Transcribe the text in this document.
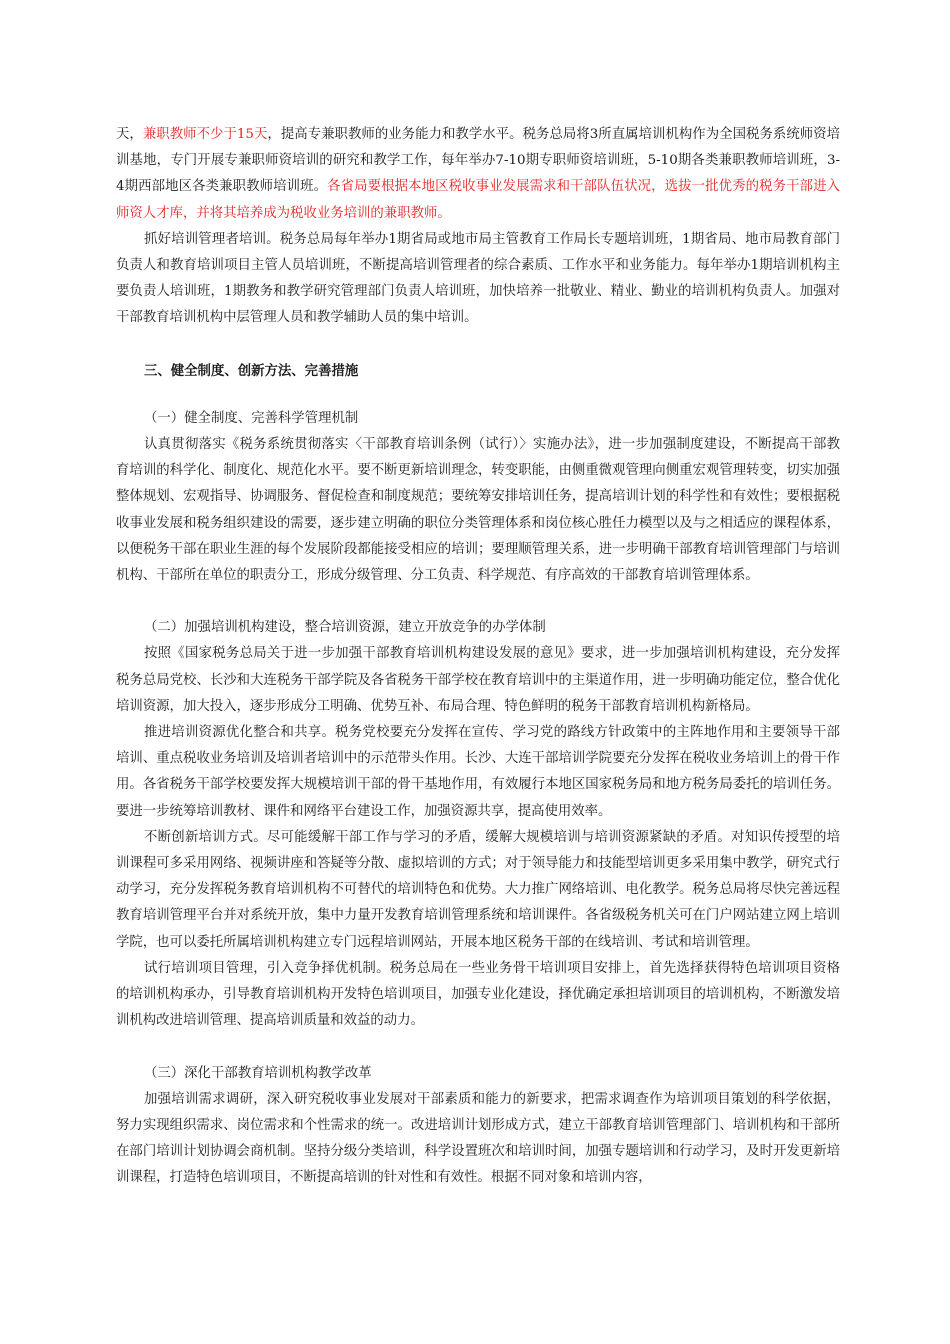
天，兼职教师不少于15天，提高专兼职教师的业务能力和教学水平。税务总局将3所直属培训机构作为全国税务系统师资培训基地，专门开展专兼职师资培训的研究和教学工作，每年举办7-10期专职师资培训班，5-10期各类兼职教师培训班，3-4期西部地区各类兼职教师培训班。各省局要根据本地区税收事业发展需求和干部队伍状况，选拔一批优秀的税务干部进入师资人才库，并将其培养成为税收业务培训的兼职教师。

抓好培训管理者培训。税务总局每年举办1期省局或地市局主管教育工作局长专题培训班，1期省局、地市局教育部门负责人和教育培训项目主管人员培训班，不断提高培训管理者的综合素质、工作水平和业务能力。每年举办1期培训机构主要负责人培训班，1期教务和教学研究管理部门负责人培训班，加快培养一批敬业、精业、勤业的培训机构负责人。加强对干部教育培训机构中层管理人员和教学辅助人员的集中培训。

三、健全制度、创新方法、完善措施

（一）健全制度、完善科学管理机制

认真贯彻落实《税务系统贯彻落实〈干部教育培训条例（试行）〉实施办法》，进一步加强制度建设，不断提高干部教育培训的科学化、制度化、规范化水平。要不断更新培训理念，转变职能，由侧重微观管理向侧重宏观管理转变，切实加强整体规划、宏观指导、协调服务、督促检查和制度规范；要统筹安排培训任务，提高培训计划的科学性和有效性；要根据税收事业发展和税务组织建设的需要，逐步建立明确的职位分类管理体系和岗位核心胜任力模型以及与之相适应的课程体系，以便税务干部在职业生涯的每个发展阶段都能接受相应的培训；要理顺管理关系，进一步明确干部教育培训管理部门与培训机构、干部所在单位的职责分工，形成分级管理、分工负责、科学规范、有序高效的干部教育培训管理体系。

（二）加强培训机构建设，整合培训资源，建立开放竞争的办学体制

按照《国家税务总局关于进一步加强干部教育培训机构建设发展的意见》要求，进一步加强培训机构建设，充分发挥税务总局党校、长沙和大连税务干部学院及各省税务干部学校在教育培训中的主渠道作用，进一步明确功能定位，整合优化培训资源，加大投入，逐步形成分工明确、优势互补、布局合理、特色鲜明的税务干部教育培训机构新格局。

推进培训资源优化整合和共享。税务党校要充分发挥在宣传、学习党的路线方针政策中的主阵地作用和主要领导干部培训、重点税收业务培训及培训者培训中的示范带头作用。长沙、大连干部培训学院要充分发挥在税收业务培训上的骨干作用。各省税务干部学校要发挥大规模培训干部的骨干基地作用，有效履行本地区国家税务局和地方税务局委托的培训任务。要进一步统筹培训教材、课件和网络平台建设工作，加强资源共享，提高使用效率。

不断创新培训方式。尽可能缓解干部工作与学习的矛盾，缓解大规模培训与培训资源紧缺的矛盾。对知识传授型的培训课程可多采用网络、视频讲座和答疑等分散、虚拟培训的方式；对于领导能力和技能型培训更多采用集中教学，研究式行动学习，充分发挥税务教育培训机构不可替代的培训特色和优势。大力推广网络培训、电化教学。税务总局将尽快完善远程教育培训管理平台并对系统开放，集中力量开发教育培训管理系统和培训课件。各省级税务机关可在门户网站建立网上培训学院，也可以委托所属培训机构建立专门远程培训网站，开展本地区税务干部的在线培训、考试和培训管理。

试行培训项目管理，引入竞争择优机制。税务总局在一些业务骨干培训项目安排上，首先选择获得特色培训项目资格的培训机构承办，引导教育培训机构开发特色培训项目，加强专业化建设，择优确定承担培训项目的培训机构，不断激发培训机构改进培训管理、提高培训质量和效益的动力。

（三）深化干部教育培训机构教学改革

加强培训需求调研，深入研究税收事业发展对干部素质和能力的新要求，把需求调查作为培训项目策划的科学依据，努力实现组织需求、岗位需求和个性需求的统一。改进培训计划形成方式，建立干部教育培训管理部门、培训机构和干部所在部门培训计划协调会商机制。坚持分级分类培训，科学设置班次和培训时间，加强专题培训和行动学习，及时开发更新培训课程，打造特色培训项目，不断提高培训的针对性和有效性。根据不同对象和培训内容，
